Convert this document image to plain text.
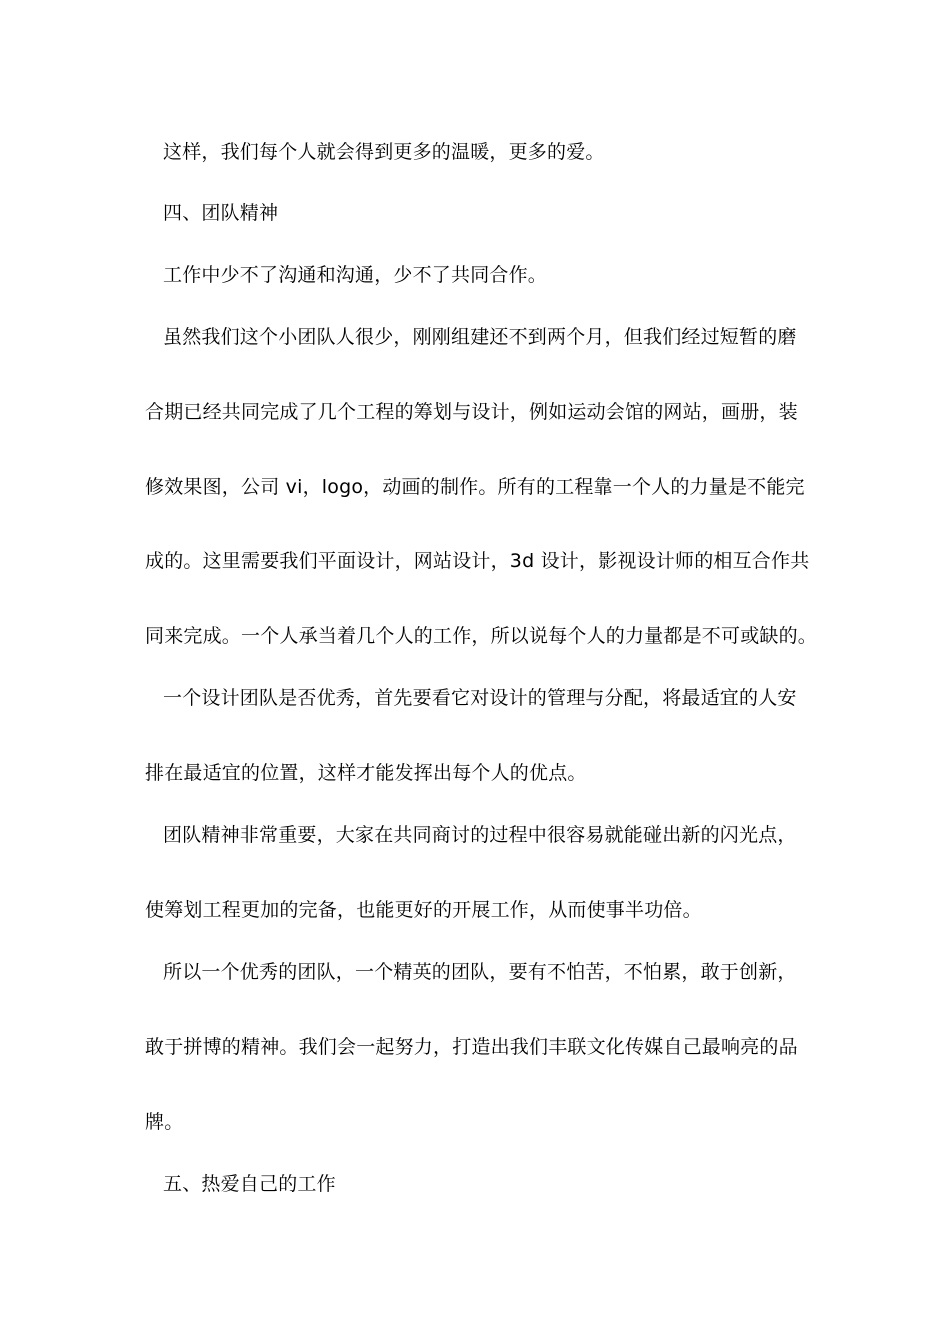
这样，我们每个人就会得到更多的温暖，更多的爱。
四、团队精神
工作中少不了沟通和沟通，少不了共同合作。
虽然我们这个小团队人很少，刚刚组建还不到两个月，但我们经过短暂的磨
合期已经共同完成了几个工程的筹划与设计，例如运动会馆的网站，画册，装
修效果图，公司 vi，logo，动画的制作。所有的工程靠一个人的力量是不能完
成的。这里需要我们平面设计，网站设计，3d 设计，影视设计师的相互合作共
同来完成。一个人承当着几个人的工作，所以说每个人的力量都是不可或缺的。
一个设计团队是否优秀，首先要看它对设计的管理与分配，将最适宜的人安
排在最适宜的位置，这样才能发挥出每个人的优点。
团队精神非常重要，大家在共同商讨的过程中很容易就能碰出新的闪光点，
使筹划工程更加的完备，也能更好的开展工作，从而使事半功倍。
所以一个优秀的团队，一个精英的团队，要有不怕苦，不怕累，敢于创新，
敢于拼博的精神。我们会一起努力，打造出我们丰联文化传媒自己最响亮的品
牌。
五、热爱自己的工作
